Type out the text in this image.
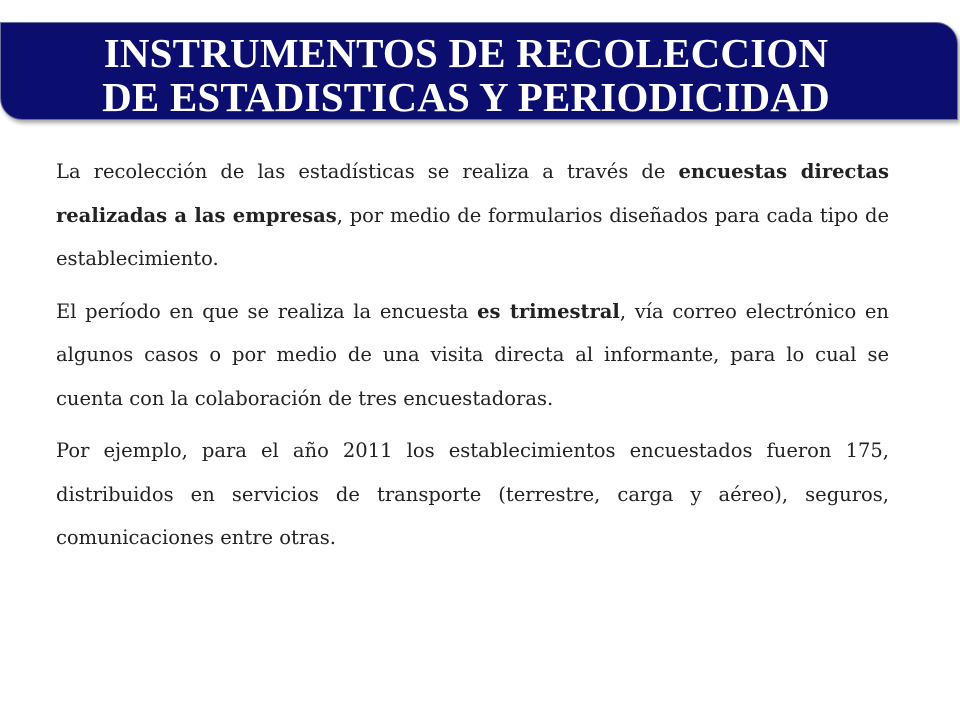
INSTRUMENTOS DE RECOLECCION
DE ESTADISTICAS Y PERIODICIDAD

La recolección de las estadísticas se realiza a través de encuestas directas realizadas a las empresas, por medio de formularios diseñados para cada tipo de establecimiento.

El período en que se realiza la encuesta es trimestral, vía correo electrónico en algunos casos o por medio de una visita directa al informante, para lo cual se cuenta con la colaboración de tres encuestadoras.

Por ejemplo, para el año 2011 los establecimientos encuestados fueron 175, distribuidos en servicios de transporte (terrestre, carga y aéreo), seguros, comunicaciones entre otras.
